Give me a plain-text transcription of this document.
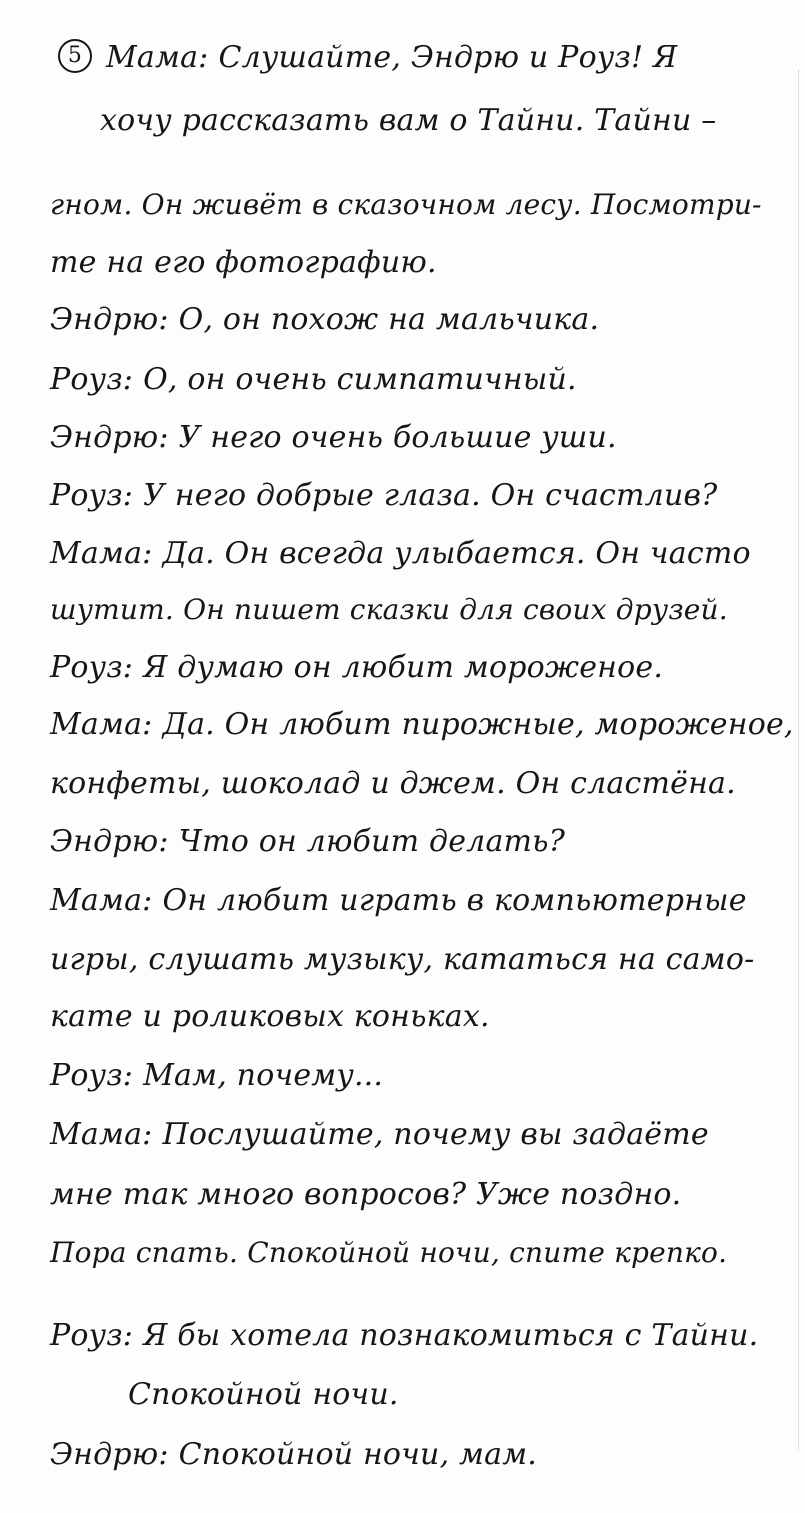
5 Мама: Слушайте, Эндрю и Роуз! Я
хочу рассказать вам о Тайни. Тайни –
гном. Он живёт в сказочном лесу. Посмотри-
те на его фотографию.
Эндрю: О, он похож на мальчика.
Роуз: О, он очень симпатичный.
Эндрю: У него очень большие уши.
Роуз: У него добрые глаза. Он счастлив?
Мама: Да. Он всегда улыбается. Он часто
шутит. Он пишет сказки для своих друзей.
Роуз: Я думаю он любит мороженое.
Мама: Да. Он любит пирожные, мороженое,
конфеты, шоколад и джем. Он сластёна.
Эндрю: Что он любит делать?
Мама: Он любит играть в компьютерные
игры, слушать музыку, кататься на само-
кате и роликовых коньках.
Роуз: Мам, почему...
Мама: Послушайте, почему вы задаёте
мне так много вопросов? Уже поздно.
Пора спать. Спокойной ночи, спите крепко.
Роуз: Я бы хотела познакомиться с Тайни.
Спокойной ночи.
Эндрю: Спокойной ночи, мам.
